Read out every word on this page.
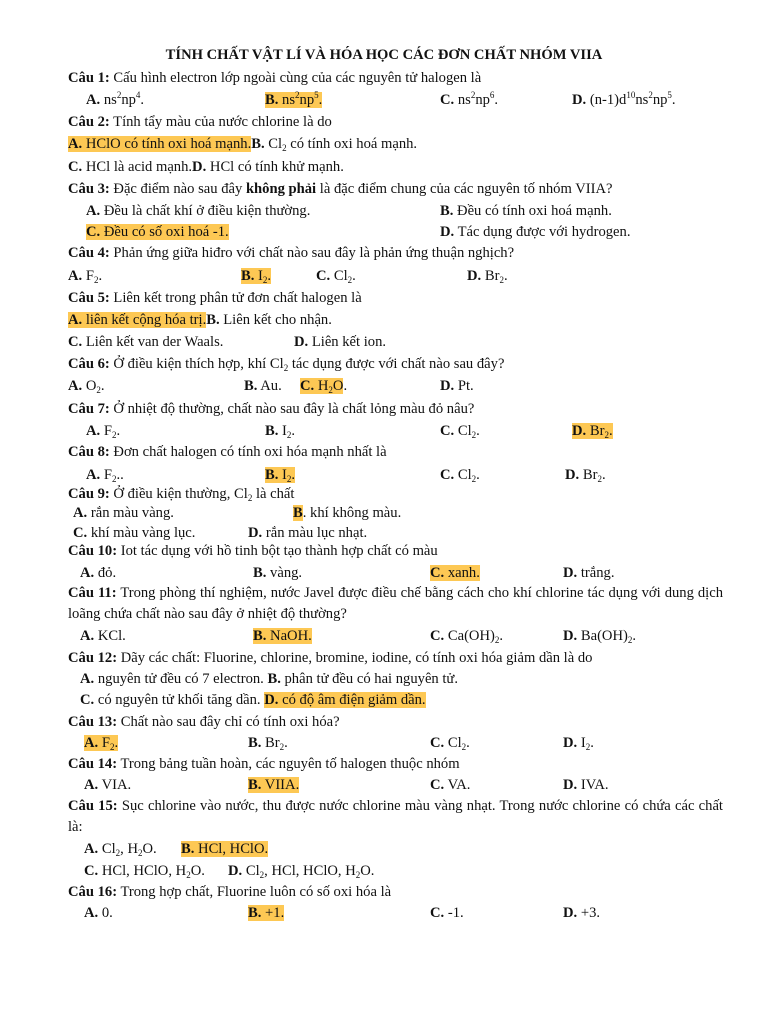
TÍNH CHẤT VẬT LÍ VÀ HÓA HỌC CÁC ĐƠN CHẤT NHÓM VIIA
Câu 1: Cấu hình electron lớp ngoài cùng của các nguyên tử halogen là
A. $ns^2np^4$.	B. $ns^2np^5$.	C. $ns^2np^6$.	D. $(n-1)d^{10}ns^2np^5$.
Câu 2: Tính tẩy màu của nước chlorine là do
A. HClO có tính oxi hoá mạnh.B. $Cl_2$ có tính oxi hoá mạnh.
C. HCl là acid mạnh.D. HCl có tính khử mạnh.
Câu 3: Đặc điểm nào sau đây không phải là đặc điểm chung của các nguyên tố nhóm VIIA?
A. Đều là chất khí ở điều kiện thường.	B. Đều có tính oxi hoá mạnh.
C. Đều có số oxi hoá -1.	D. Tác dụng được với hydrogen.
Câu 4: Phản ứng giữa hiđro với chất nào sau đây là phản ứng thuận nghịch?
A. $F_2$.	B. $I_2$.	C. $Cl_2$.	D. $Br_2$.
Câu 5: Liên kết trong phân tử đơn chất halogen là
A. liên kết cộng hóa trị.B. Liên kết cho nhận.
C. Liên kết van der Waals.	D. Liên kết ion.
Câu 6: Ở điều kiện thích hợp, khí $Cl_2$ tác dụng được với chất nào sau đây?
A. $O_2$.	B. Au. C. $H_2O$.	D. Pt.
Câu 7: Ở nhiệt độ thường, chất nào sau đây là chất lỏng màu đỏ nâu?
A. $F_2$.	B. $I_2$.	C. $Cl_2$.	D. $Br_2$.
Câu 8: Đơn chất halogen có tính oxi hóa mạnh nhất là
A. $F_2$..	B. $I_2$.	C. $Cl_2$.	D. $Br_2$.
Câu 9: Ở điều kiện thường, $Cl_2$ là chất
A. rắn màu vàng.	B. khí không màu.
C. khí màu vàng lục.	D. rắn màu lục nhạt.
Câu 10: Iot tác dụng với hồ tinh bột tạo thành hợp chất có màu
A. đỏ.	B. vàng.	C. xanh.	D. trắng.
Câu 11: Trong phòng thí nghiệm, nước Javel được điều chế bằng cách cho khí chlorine tác dụng với dung dịch loãng chứa chất nào sau đây ở nhiệt độ thường?
A. KCl.	B. NaOH.	C. $Ca(OH)_2$.	D. $Ba(OH)_2$.
Câu 12: Dãy các chất: Fluorine, chlorine, bromine, iodine, có tính oxi hóa giảm dần là do
A. nguyên tử đều có 7 electron. B. phân tử đều có hai nguyên tử.
C. có nguyên tử khối tăng dần. D. có độ âm điện giảm dần.
Câu 13: Chất nào sau đây chỉ có tính oxi hóa?
A. $F_2$.	B. $Br_2$.	C. $Cl_2$.	D. $I_2$.
Câu 14: Trong bảng tuần hoàn, các nguyên tố halogen thuộc nhóm
A. VIA.	B. VIIA.	C. VA.	D. IVA.
Câu 15: Sục chlorine vào nước, thu được nước chlorine màu vàng nhạt. Trong nước chlorine có chứa các chất là:
A. $Cl_2$, $H_2O$. B. HCl, HClO.
C. HCl, HClO, $H_2O$. D. $Cl_2$, HCl, HClO, $H_2O$.
Câu 16: Trong hợp chất, Fluorine luôn có số oxi hóa là
A. 0.	B. +1.	C. -1.	D. +3.
